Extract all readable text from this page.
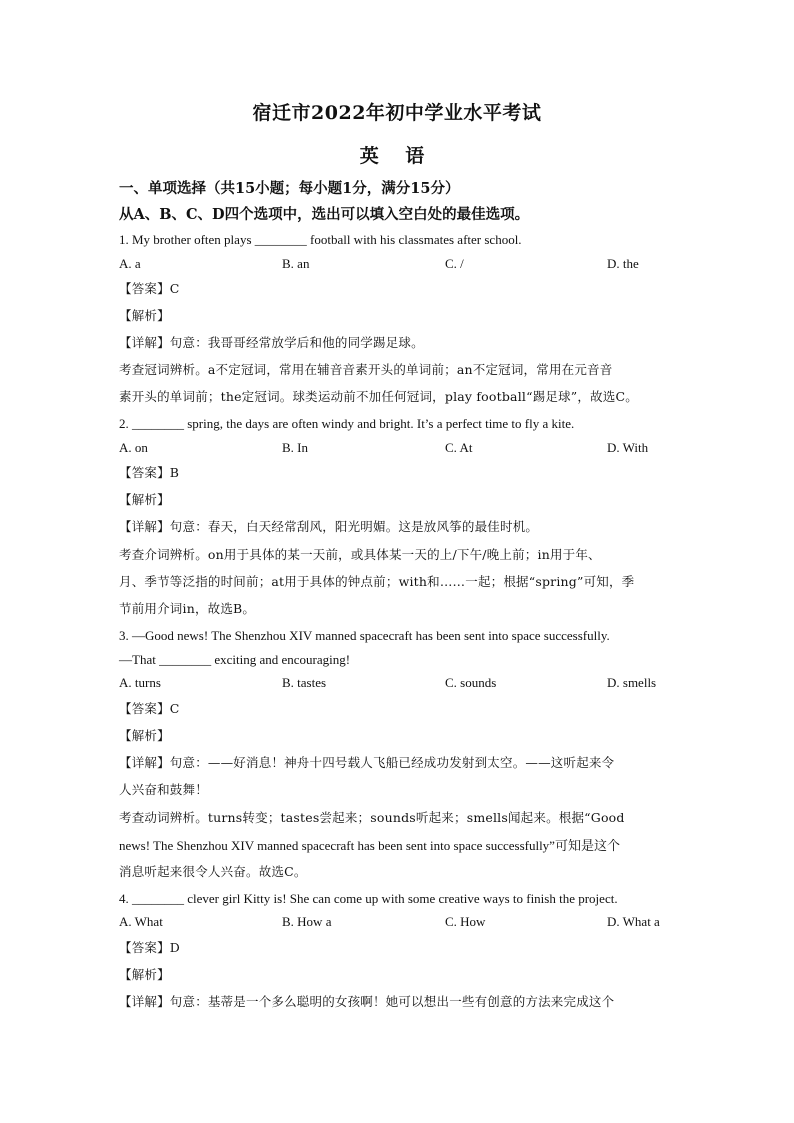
宿迁市2022年初中学业水平考试
英 语
一、单项选择（共15小题；每小题1分，满分15分）
从A、B、C、D四个选项中，选出可以填入空白处的最佳选项。
1. My brother often plays ________ football with his classmates after school.
A. a	B. an	C. /	D. the
【答案】C
【解析】
【详解】句意：我哥哥经常放学后和他的同学踢足球。
考查冠词辨析。a不定冠词，常用在辅音音素开头的单词前；an不定冠词，常用在元音音
素开头的单词前；the定冠词。球类运动前不加任何冠词，play football“踢足球”，故选C。
2. ________ spring, the days are often windy and bright. It’s a perfect time to fly a kite.
A. on	B. In	C. At	D. With
【答案】B
【解析】
【详解】句意：春天，白天经常刮风，阳光明媚。这是放风筝的最佳时机。
考查介词辨析。on用于具体的某一天前，或具体某一天的上/下午/晚上前；in用于年、
月、季节等泛指的时间前；at用于具体的钟点前；with和……一起；根据“spring”可知，季
节前用介词in，故选B。
3. —Good news! The Shenzhou XIV manned spacecraft has been sent into space successfully.
—That ________ exciting and encouraging!
A. turns	B. tastes	C. sounds	D. smells
【答案】C
【解析】
【详解】句意：——好消息！神舟十四号载人飞船已经成功发射到太空。——这听起来令
人兴奋和鼓舞！
考查动词辨析。turns转变；tastes尝起来；sounds听起来；smells闻起来。根据“Good
news! The Shenzhou XIV manned spacecraft has been sent into space successfully”可知是这个
消息听起来很令人兴奋。故选C。
4. ________ clever girl Kitty is! She can come up with some creative ways to finish the project.
A. What	B. How a	C. How	D. What a
【答案】D
【解析】
【详解】句意：基蒂是一个多么聪明的女孩啊！她可以想出一些有创意的方法来完成这个
